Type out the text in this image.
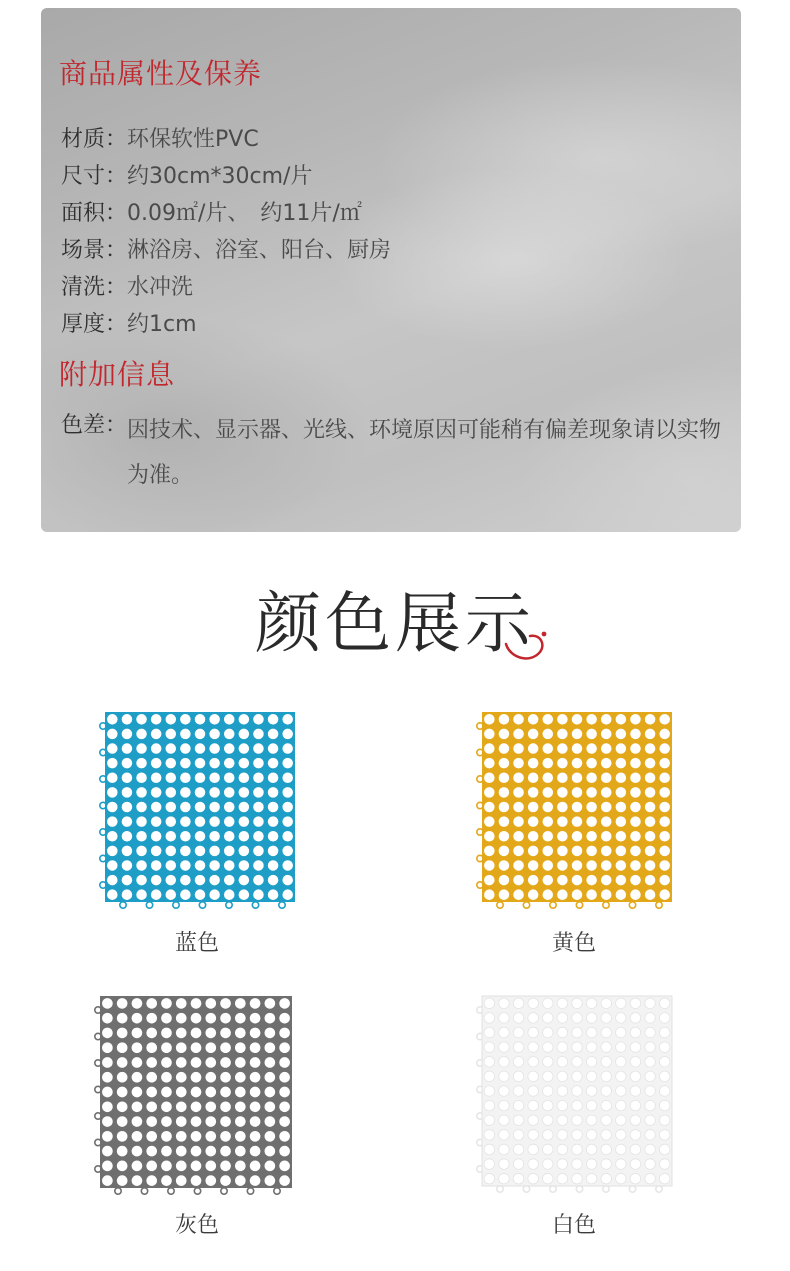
商品属性及保养
材质：环保软性PVC
尺寸：约30cm*30cm/片
面积：0.09㎡/片、　约11片/㎡
场景：淋浴房、浴室、阳台、厨房
清洗：水冲洗
厚度：约1cm
附加信息
色差：因技术、显示器、光线、环境原因可能稍有偏差现象请以实物为准。
颜色展示
蓝色	黄色
灰色	白色
